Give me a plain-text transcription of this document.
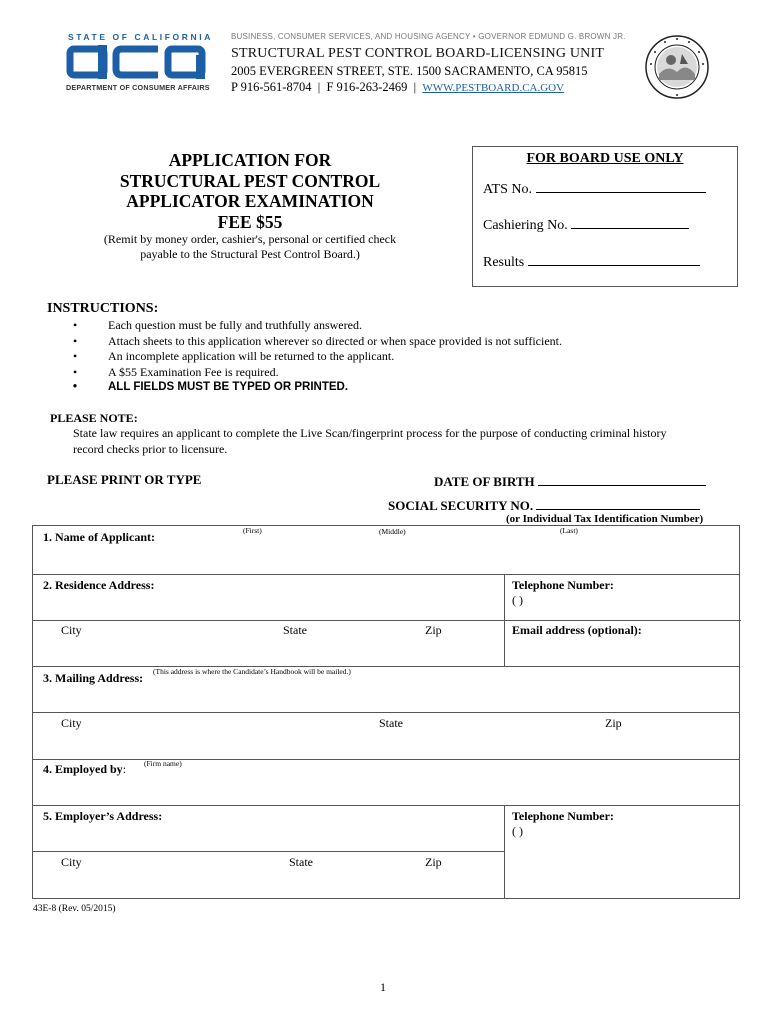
STATE OF CALIFORNIA
DEPARTMENT OF CONSUMER AFFAIRS
BUSINESS, CONSUMER SERVICES, AND HOUSING AGENCY • GOVERNOR EDMUND G. BROWN JR.
STRUCTURAL PEST CONTROL BOARD-LICENSING UNIT
2005 EVERGREEN STREET, STE. 1500 SACRAMENTO, CA 95815
P 916-561-8704  |  F 916-263-2469  |  WWW.PESTBOARD.CA.GOV
APPLICATION FOR
STRUCTURAL PEST CONTROL
APPLICATOR EXAMINATION
FEE $55
(Remit by money order, cashier's, personal or certified check payable to the Structural Pest Control Board.)
FOR BOARD USE ONLY
ATS No.
Cashiering No.
Results
INSTRUCTIONS:
•	Each question must be fully and truthfully answered.
•	Attach sheets to this application wherever so directed or when space provided is not sufficient.
•	An incomplete application will be returned to the applicant.
•	A $55 Examination Fee is required.
•	ALL FIELDS MUST BE TYPED OR PRINTED.
PLEASE NOTE:
State law requires an applicant to complete the Live Scan/fingerprint process for the purpose of conducting criminal history record checks prior to licensure.
PLEASE PRINT OR TYPE	DATE OF BIRTH
SOCIAL SECURITY NO.
(or Individual Tax Identification Number)
1. Name of Applicant:	(First)	(Middle)	(Last)
2. Residence Address:	Telephone Number:
( )
City	State	Zip	Email address (optional):
3. Mailing Address: (This address is where the Candidate’s Handbook will be mailed.)
City	State	Zip
4. Employed by: (Firm name)
5. Employer’s Address:	Telephone Number:
( )
City	State	Zip
43E-8 (Rev. 05/2015)
1
